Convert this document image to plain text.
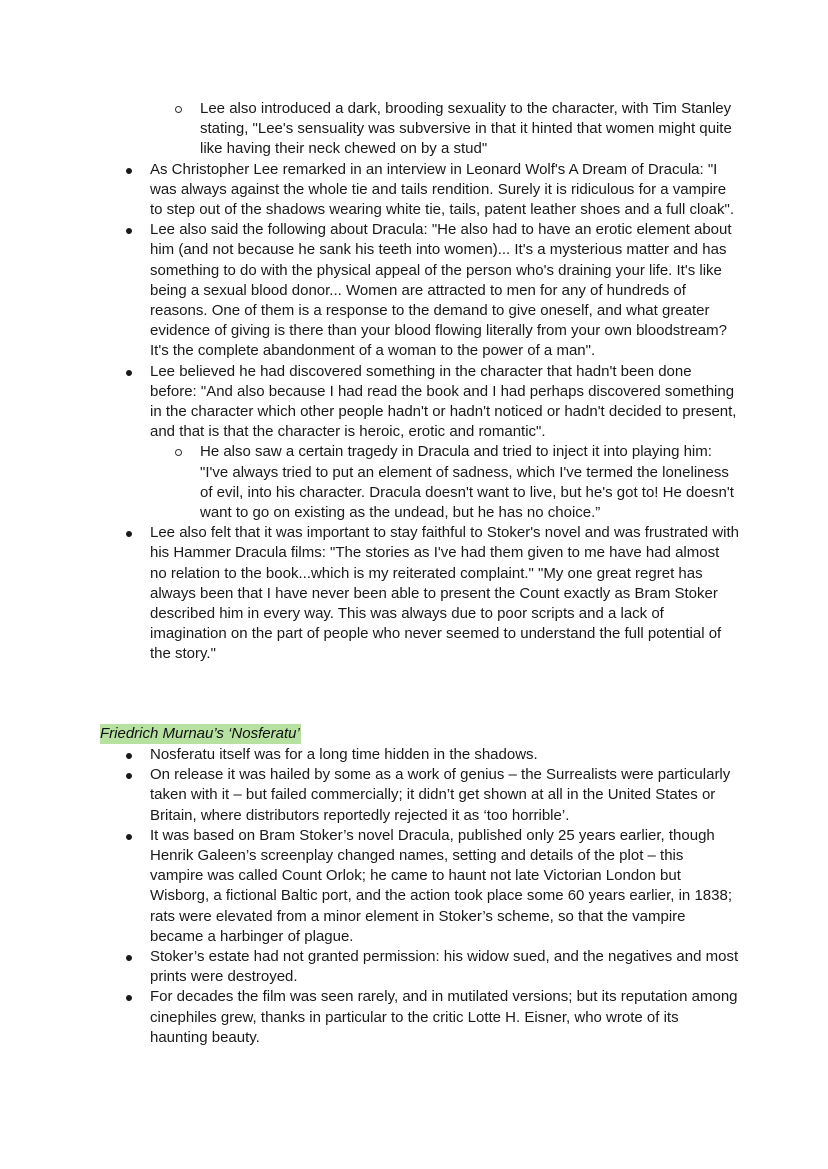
Lee also introduced a dark, brooding sexuality to the character, with Tim Stanley stating, "Lee's sensuality was subversive in that it hinted that women might quite like having their neck chewed on by a stud"
As Christopher Lee remarked in an interview in Leonard Wolf's A Dream of Dracula: "I was always against the whole tie and tails rendition. Surely it is ridiculous for a vampire to step out of the shadows wearing white tie, tails, patent leather shoes and a full cloak".
Lee also said the following about Dracula: "He also had to have an erotic element about him (and not because he sank his teeth into women)... It's a mysterious matter and has something to do with the physical appeal of the person who's draining your life. It's like being a sexual blood donor... Women are attracted to men for any of hundreds of reasons. One of them is a response to the demand to give oneself, and what greater evidence of giving is there than your blood flowing literally from your own bloodstream? It's the complete abandonment of a woman to the power of a man".
Lee believed he had discovered something in the character that hadn't been done before: "And also because I had read the book and I had perhaps discovered something in the character which other people hadn't or hadn't noticed or hadn't decided to present, and that is that the character is heroic, erotic and romantic".
He also saw a certain tragedy in Dracula and tried to inject it into playing him: "I've always tried to put an element of sadness, which I've termed the loneliness of evil, into his character. Dracula doesn't want to live, but he's got to! He doesn't want to go on existing as the undead, but he has no choice.”
Lee also felt that it was important to stay faithful to Stoker's novel and was frustrated with his Hammer Dracula films: "The stories as I've had them given to me have had almost no relation to the book...which is my reiterated complaint." "My one great regret has always been that I have never been able to present the Count exactly as Bram Stoker described him in every way. This was always due to poor scripts and a lack of imagination on the part of people who never seemed to understand the full potential of the story."
Friedrich Murnau’s ‘Nosferatu’
Nosferatu itself was for a long time hidden in the shadows.
On release it was hailed by some as a work of genius – the Surrealists were particularly taken with it – but failed commercially; it didn’t get shown at all in the United States or Britain, where distributors reportedly rejected it as ‘too horrible’.
It was based on Bram Stoker’s novel Dracula, published only 25 years earlier, though Henrik Galeen’s screenplay changed names, setting and details of the plot – this vampire was called Count Orlok; he came to haunt not late Victorian London but Wisborg, a fictional Baltic port, and the action took place some 60 years earlier, in 1838; rats were elevated from a minor element in Stoker’s scheme, so that the vampire became a harbinger of plague.
Stoker’s estate had not granted permission: his widow sued, and the negatives and most prints were destroyed.
For decades the film was seen rarely, and in mutilated versions; but its reputation among cinephiles grew, thanks in particular to the critic Lotte H. Eisner, who wrote of its haunting beauty.
